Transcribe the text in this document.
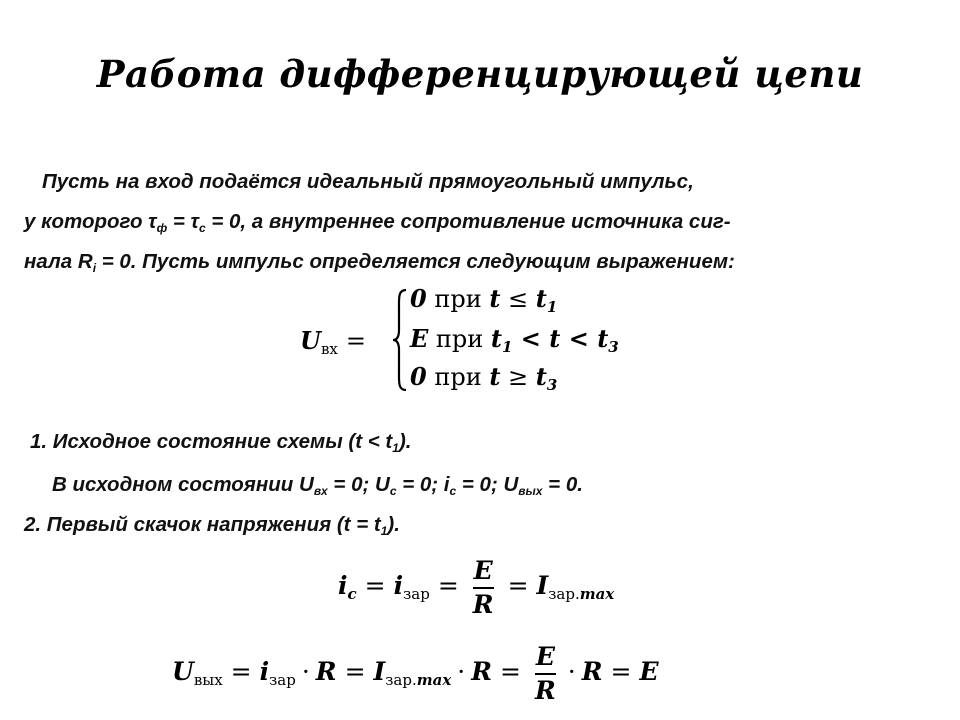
Работа дифференцирующей цепи
Пусть на вход подаётся идеальный прямоугольный импульс,
у которого $\tau_ф = \tau_с = 0$, а внутреннее сопротивление источника сиг-
нала $R_i = 0$. Пусть импульс определяется следующим выражением:
$U_{вх}$ =
0 при $t \le t_1$
E при $t_1 < t < t_3$
0 при $t \ge t_3$
1. Исходное состояние схемы $(t < t_1)$.
В исходном состоянии $U_{вх} = 0$; $U_с = 0$; $i_с = 0$; $U_{вых} = 0$.
2. Первый скачок напряжения $(t = t_1)$.
$i_c = i_{зар} = \frac{E}{R} = I_{зар.max}$
$U_{вых} = i_{зар} \cdot R = I_{зар.max} \cdot R = \frac{E}{R} \cdot R = E$
